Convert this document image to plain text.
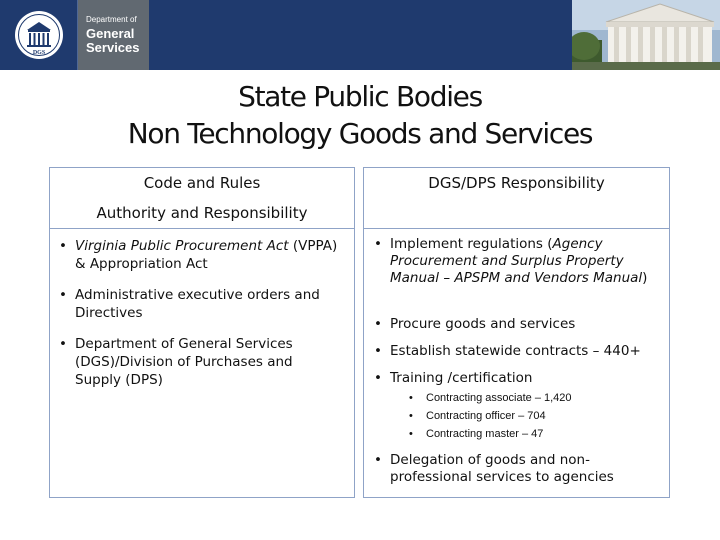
DGS
Department of
General
Services
State Public Bodies
Non Technology Goods and Services
Code and Rules
Authority and Responsibility
DGS/DPS Responsibility
• Virginia Public Procurement Act (VPPA) & Appropriation Act
• Administrative executive orders and Directives
• Department of General Services (DGS)/Division of Purchases and Supply (DPS)
• Implement regulations (Agency Procurement and Surplus Property Manual – APSPM and Vendors Manual)
• Procure goods and services
• Establish statewide contracts – 440+
• Training /certification
• Contracting associate – 1,420
• Contracting officer – 704
• Contracting master – 47
• Delegation of goods and non-professional services to agencies
